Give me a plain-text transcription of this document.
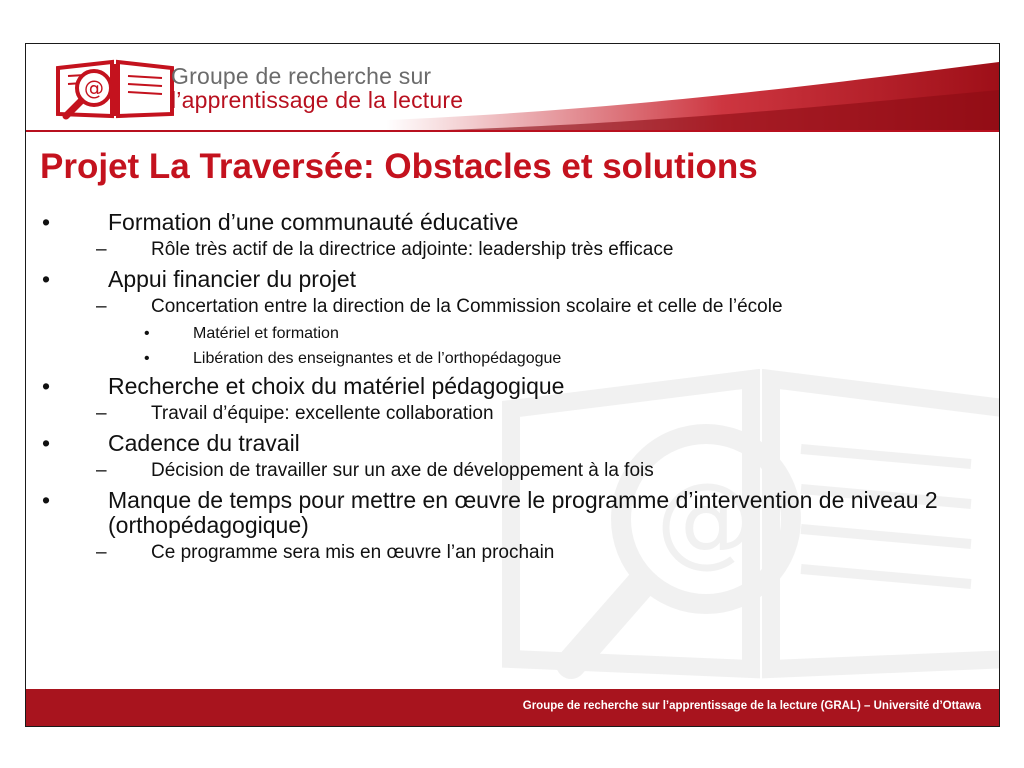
@	Groupe de recherche sur
l’apprentissage de la lecture
@
Projet La Traversée: Obstacles et solutions
•	Formation d’une communauté éducative
– Rôle très actif de la directrice adjointe: leadership très efficace
•	Appui financier du projet
– Concertation entre la direction de la Commission scolaire et celle de l’école
•	Matériel et formation
•	Libération des enseignantes et de l’orthopédagogue
•	Recherche et choix du matériel pédagogique
– Travail d’équipe: excellente collaboration
•	Cadence du travail
– Décision de travailler sur un axe de développement à la fois
•	Manque de temps pour mettre en œuvre le programme d’intervention de niveau 2 (orthopédagogique)
– Ce programme sera mis en œuvre l’an prochain
Groupe de recherche sur l’apprentissage de la lecture (GRAL) – Université d’Ottawa
